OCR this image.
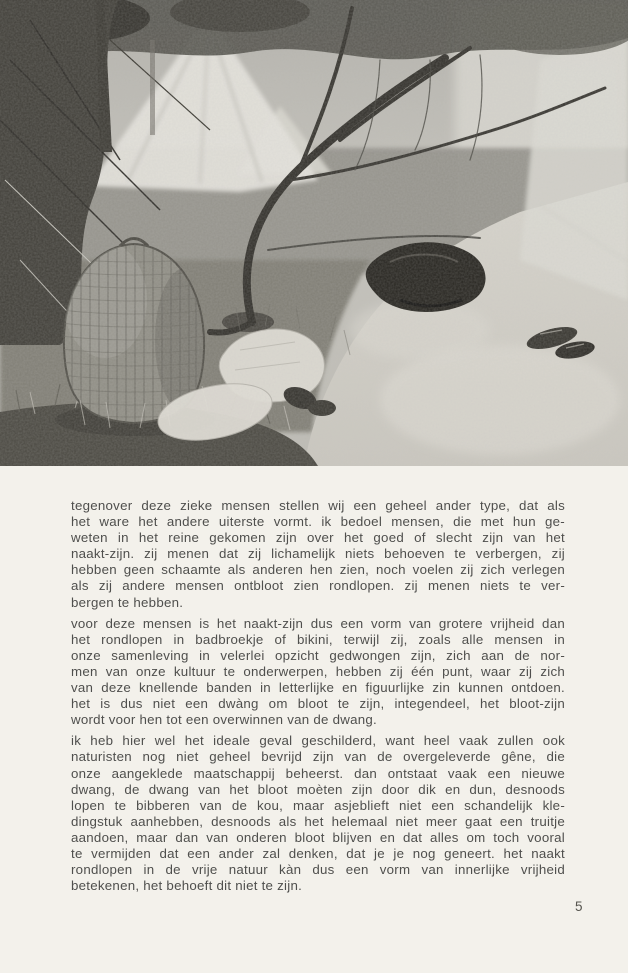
tegenover deze zieke mensen stellen wij een geheel ander type, dat als
het ware het andere uiterste vormt. ik bedoel mensen, die met hun ge-
weten in het reine gekomen zijn over het goed of slecht zijn van het
naakt-zijn. zij menen dat zij lichamelijk niets behoeven te verbergen, zij
hebben geen schaamte als anderen hen zien, noch voelen zij zich verlegen
als zij andere mensen ontbloot zien rondlopen. zij menen niets te ver-
bergen te hebben.
voor deze mensen is het naakt-zijn dus een vorm van grotere vrijheid dan
het rondlopen in badbroekje of bikini, terwijl zij, zoals alle mensen in
onze samenleving in velerlei opzicht gedwongen zijn, zich aan de nor-
men van onze kultuur te onderwerpen, hebben zij één punt, waar zij zich
van deze knellende banden in letterlijke en figuurlijke zin kunnen ontdoen.
het is dus niet een dwàng om bloot te zijn, integendeel, het bloot-zijn
wordt voor hen tot een overwinnen van de dwang.
ik heb hier wel het ideale geval geschilderd, want heel vaak zullen ook
naturisten nog niet geheel bevrijd zijn van de overgeleverde gêne, die
onze aangeklede maatschappij beheerst. dan ontstaat vaak een nieuwe
dwang, de dwang van het bloot moèten zijn door dik en dun, desnoods
lopen te bibberen van de kou, maar asjeblieft niet een schandelijk kle-
dingstuk aanhebben, desnoods als het helemaal niet meer gaat een truitje
aandoen, maar dan van onderen bloot blijven en dat alles om toch vooral
te vermijden dat een ander zal denken, dat je je nog geneert. het naakt
rondlopen in de vrije natuur kàn dus een vorm van innerlijke vrijheid
betekenen, het behoeft dit niet te zijn.
5
